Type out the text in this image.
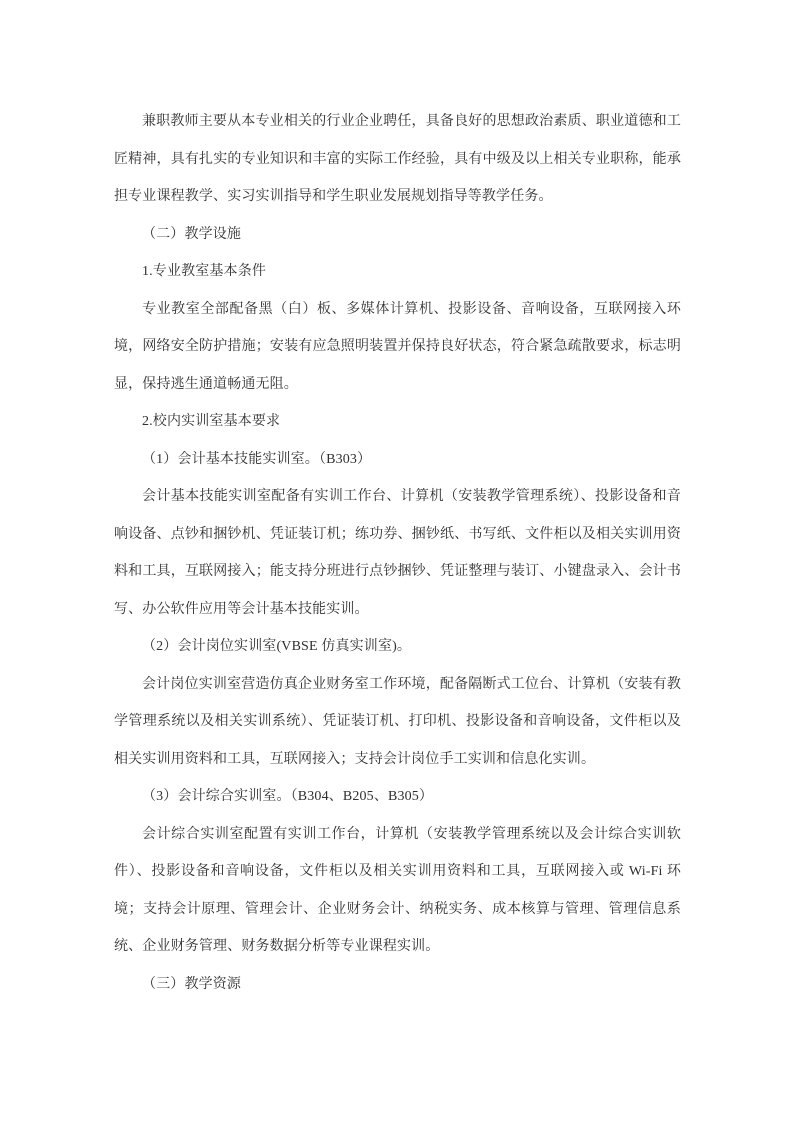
兼职教师主要从本专业相关的行业企业聘任，具备良好的思想政治素质、职业道德和工匠精神，具有扎实的专业知识和丰富的实际工作经验，具有中级及以上相关专业职称，能承担专业课程教学、实习实训指导和学生职业发展规划指导等教学任务。

（二）教学设施

1.专业教室基本条件

专业教室全部配备黑（白）板、多媒体计算机、投影设备、音响设备，互联网接入环境，网络安全防护措施；安装有应急照明装置并保持良好状态，符合紧急疏散要求，标志明显，保持逃生通道畅通无阻。

2.校内实训室基本要求

（1）会计基本技能实训室。（B303）

会计基本技能实训室配备有实训工作台、计算机（安装教学管理系统）、投影设备和音响设备、点钞和捆钞机、凭证装订机；练功券、捆钞纸、书写纸、文件柜以及相关实训用资料和工具，互联网接入；能支持分班进行点钞捆钞、凭证整理与装订、小键盘录入、会计书写、办公软件应用等会计基本技能实训。

（2）会计岗位实训室(VBSE 仿真实训室)。

会计岗位实训室营造仿真企业财务室工作环境，配备隔断式工位台、计算机（安装有教学管理系统以及相关实训系统）、凭证装订机、打印机、投影设备和音响设备，文件柜以及相关实训用资料和工具，互联网接入；支持会计岗位手工实训和信息化实训。

（3）会计综合实训室。（B304、B205、B305）

会计综合实训室配置有实训工作台，计算机（安装教学管理系统以及会计综合实训软件）、投影设备和音响设备，文件柜以及相关实训用资料和工具，互联网接入或 Wi-Fi 环境；支持会计原理、管理会计、企业财务会计、纳税实务、成本核算与管理、管理信息系统、企业财务管理、财务数据分析等专业课程实训。

（三）教学资源
